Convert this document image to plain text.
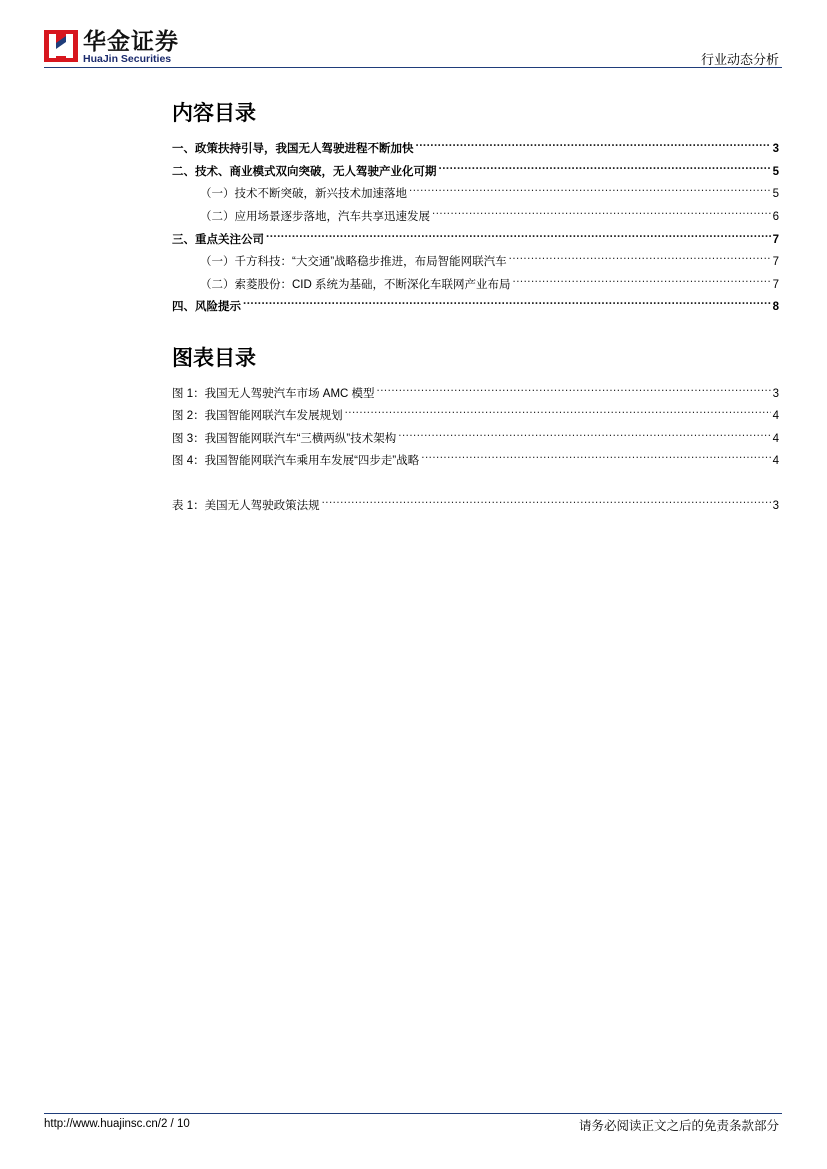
华金证券
HuaJin Securities	行业动态分析
内容目录
一、政策扶持引导，我国无人驾驶进程不断加快 .....	3
二、技术、商业模式双向突破，无人驾驶产业化可期 .....	5
（一）技术不断突破，新兴技术加速落地 .....	5
（二）应用场景逐步落地，汽车共享迅速发展 .....	6
三、重点关注公司 .....	7
（一）千方科技：“大交通”战略稳步推进，布局智能网联汽车 .....	7
（二）索菱股份：CID 系统为基础，不断深化车联网产业布局 .....	7
四、风险提示 .....	8
图表目录
图 1：我国无人驾驶汽车市场 AMC 模型 .....	3
图 2：我国智能网联汽车发展规划 .....	4
图 3：我国智能网联汽车“三横两纵”技术架构 .....	4
图 4：我国智能网联汽车乘用车发展“四步走”战略 .....	4
表 1：美国无人驾驶政策法规 .....	3
http://www.huajinsc.cn/2 / 10	请务必阅读正文之后的免责条款部分
